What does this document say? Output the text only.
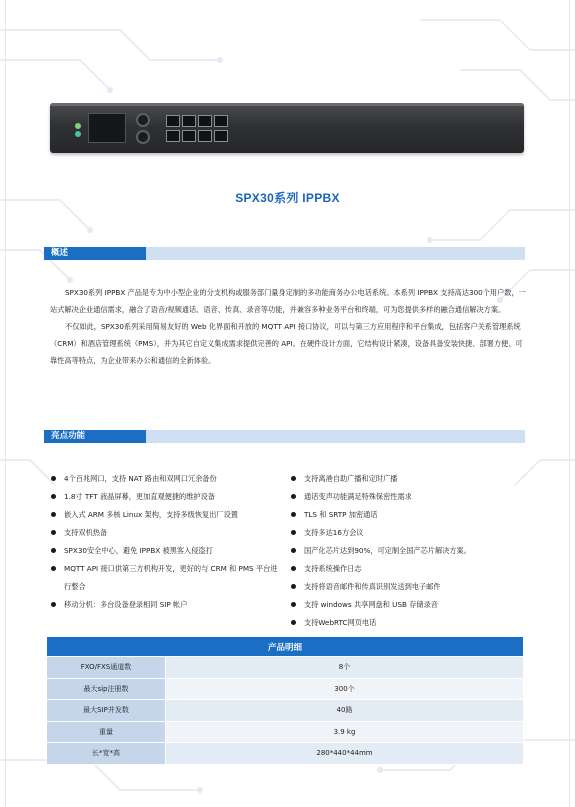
SPX30系列 IPPBX
概述

SPX30系列 IPPBX 产品是专为中小型企业的分支机构或服务部门量身定制的多功能商务办公电话系统。本系列 IPPBX 支持高达300个用户数，一站式解决企业通信需求，融合了语音/视频通话、语音、传真、录音等功能，并兼容多种业务平台和终端，可为您提供多样的融合通信解决方案。

不仅如此，SPX30系列采用简易友好的 Web 化界面和开放的 MQTT API 接口协议，可以与第三方应用程序和平台集成，包括客户关系管理系统（CRM）和酒店管理系统（PMS），并为其它自定义集成需求提供完善的 API。在硬件设计方面，它结构设计紧凑，设备具备安装快捷、部署方便、可靠性高等特点，为企业带来办公和通信的全新体验。

亮点功能
4个百兆网口，支持 NAT 路由和双网口冗余备份
1.8寸 TFT 液晶屏幕，更加直观便捷的维护设备
嵌入式 ARM 多核 Linux 架构，支持多级恢复出厂设置
支持双机热备
SPX30安全中心，避免 IPPBX 被黑客入侵盗打
MQTT API 接口供第三方机构开发，更好的与 CRM 和 PMS 平台进行整合
移动分机：多台设备登录相同 SIP 帐户
支持离港自助广播和定时广播
通话变声功能满足特殊保密性需求
TLS 和 SRTP 加密通话
支持多达16方会议
国产化芯片达到90%，可定制全国产芯片解决方案。
支持系统操作日志
支持将语音邮件和传真识别发送到电子邮件
支持 windows 共享网盘和 USB 存储录音
支持WebRTC网页电话
产品明细	
FXO/FXS通道数	8个
最大sip注册数	300个
最大SIP并发数	40路
重量	3.9 kg
长*宽*高	280*440*44mm
